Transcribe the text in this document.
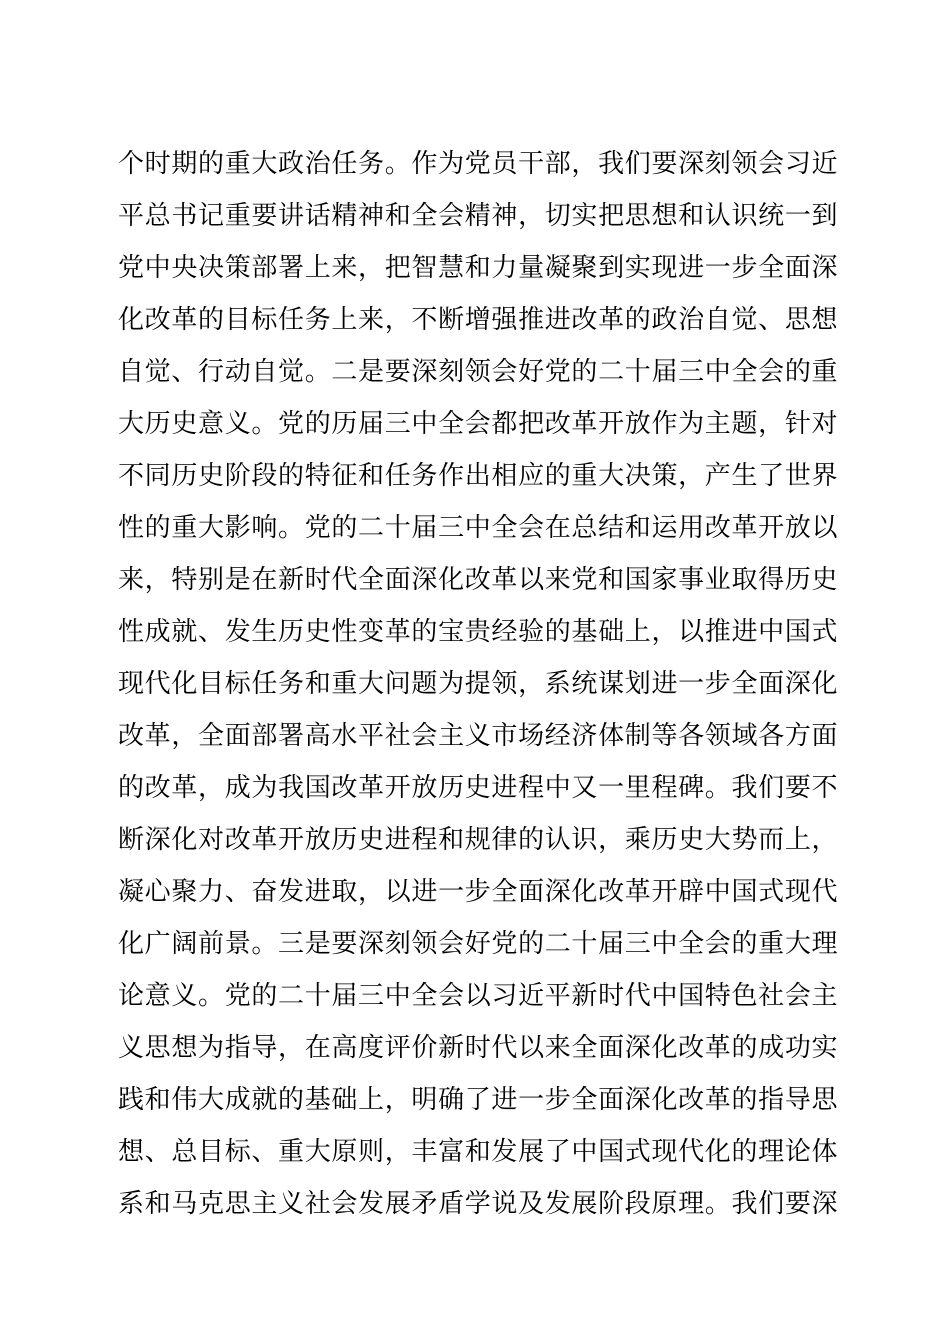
个时期的重大政治任务。作为党员干部，我们要深刻领会习近
平总书记重要讲话精神和全会精神，切实把思想和认识统一到
党中央决策部署上来，把智慧和力量凝聚到实现进一步全面深
化改革的目标任务上来，不断增强推进改革的政治自觉、思想
自觉、行动自觉。二是要深刻领会好党的二十届三中全会的重
大历史意义。党的历届三中全会都把改革开放作为主题，针对
不同历史阶段的特征和任务作出相应的重大决策，产生了世界
性的重大影响。党的二十届三中全会在总结和运用改革开放以
来，特别是在新时代全面深化改革以来党和国家事业取得历史
性成就、发生历史性变革的宝贵经验的基础上，以推进中国式
现代化目标任务和重大问题为提领，系统谋划进一步全面深化
改革，全面部署高水平社会主义市场经济体制等各领域各方面
的改革，成为我国改革开放历史进程中又一里程碑。我们要不
断深化对改革开放历史进程和规律的认识，乘历史大势而上，
凝心聚力、奋发进取，以进一步全面深化改革开辟中国式现代
化广阔前景。三是要深刻领会好党的二十届三中全会的重大理
论意义。党的二十届三中全会以习近平新时代中国特色社会主
义思想为指导，在高度评价新时代以来全面深化改革的成功实
践和伟大成就的基础上，明确了进一步全面深化改革的指导思
想、总目标、重大原则，丰富和发展了中国式现代化的理论体
系和马克思主义社会发展矛盾学说及发展阶段原理。我们要深
